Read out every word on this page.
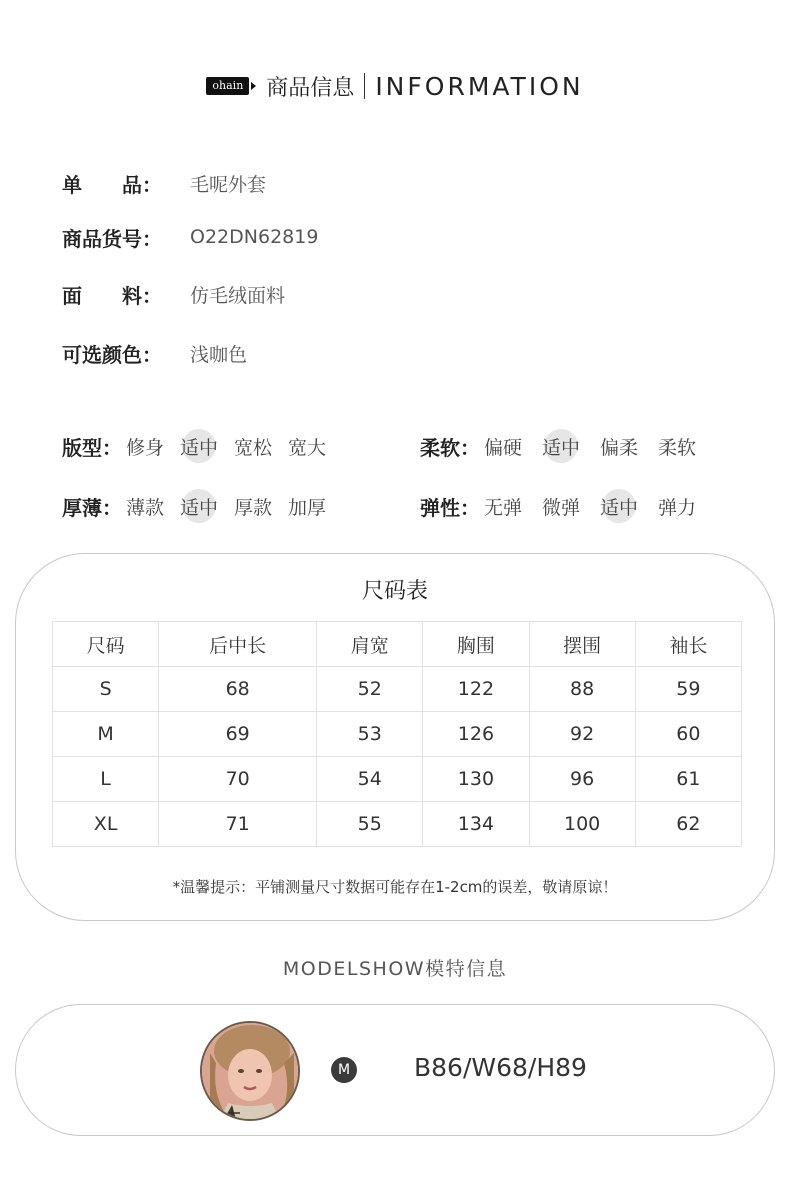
ohain 商品信息 INFORMATION
单　　品：	毛呢外套
商品货号：	O22DN62819
面　　料：	仿毛绒面料
可选颜色：	浅咖色
版型： 修身 适中 宽松 宽大	柔软： 偏硬 适中 偏柔 柔软
厚薄： 薄款 适中 厚款 加厚	弹性： 无弹 微弹 适中 弹力
尺码表
尺码	后中长	肩宽	胸围	摆围	袖长
S	68	52	122	88	59
M	69	53	126	92	60
L	70	54	130	96	61
XL	71	55	134	100	62
*温馨提示：平铺测量尺寸数据可能存在1-2cm的误差，敬请原谅！
MODELSHOW模特信息
M	B86/W68/H89
